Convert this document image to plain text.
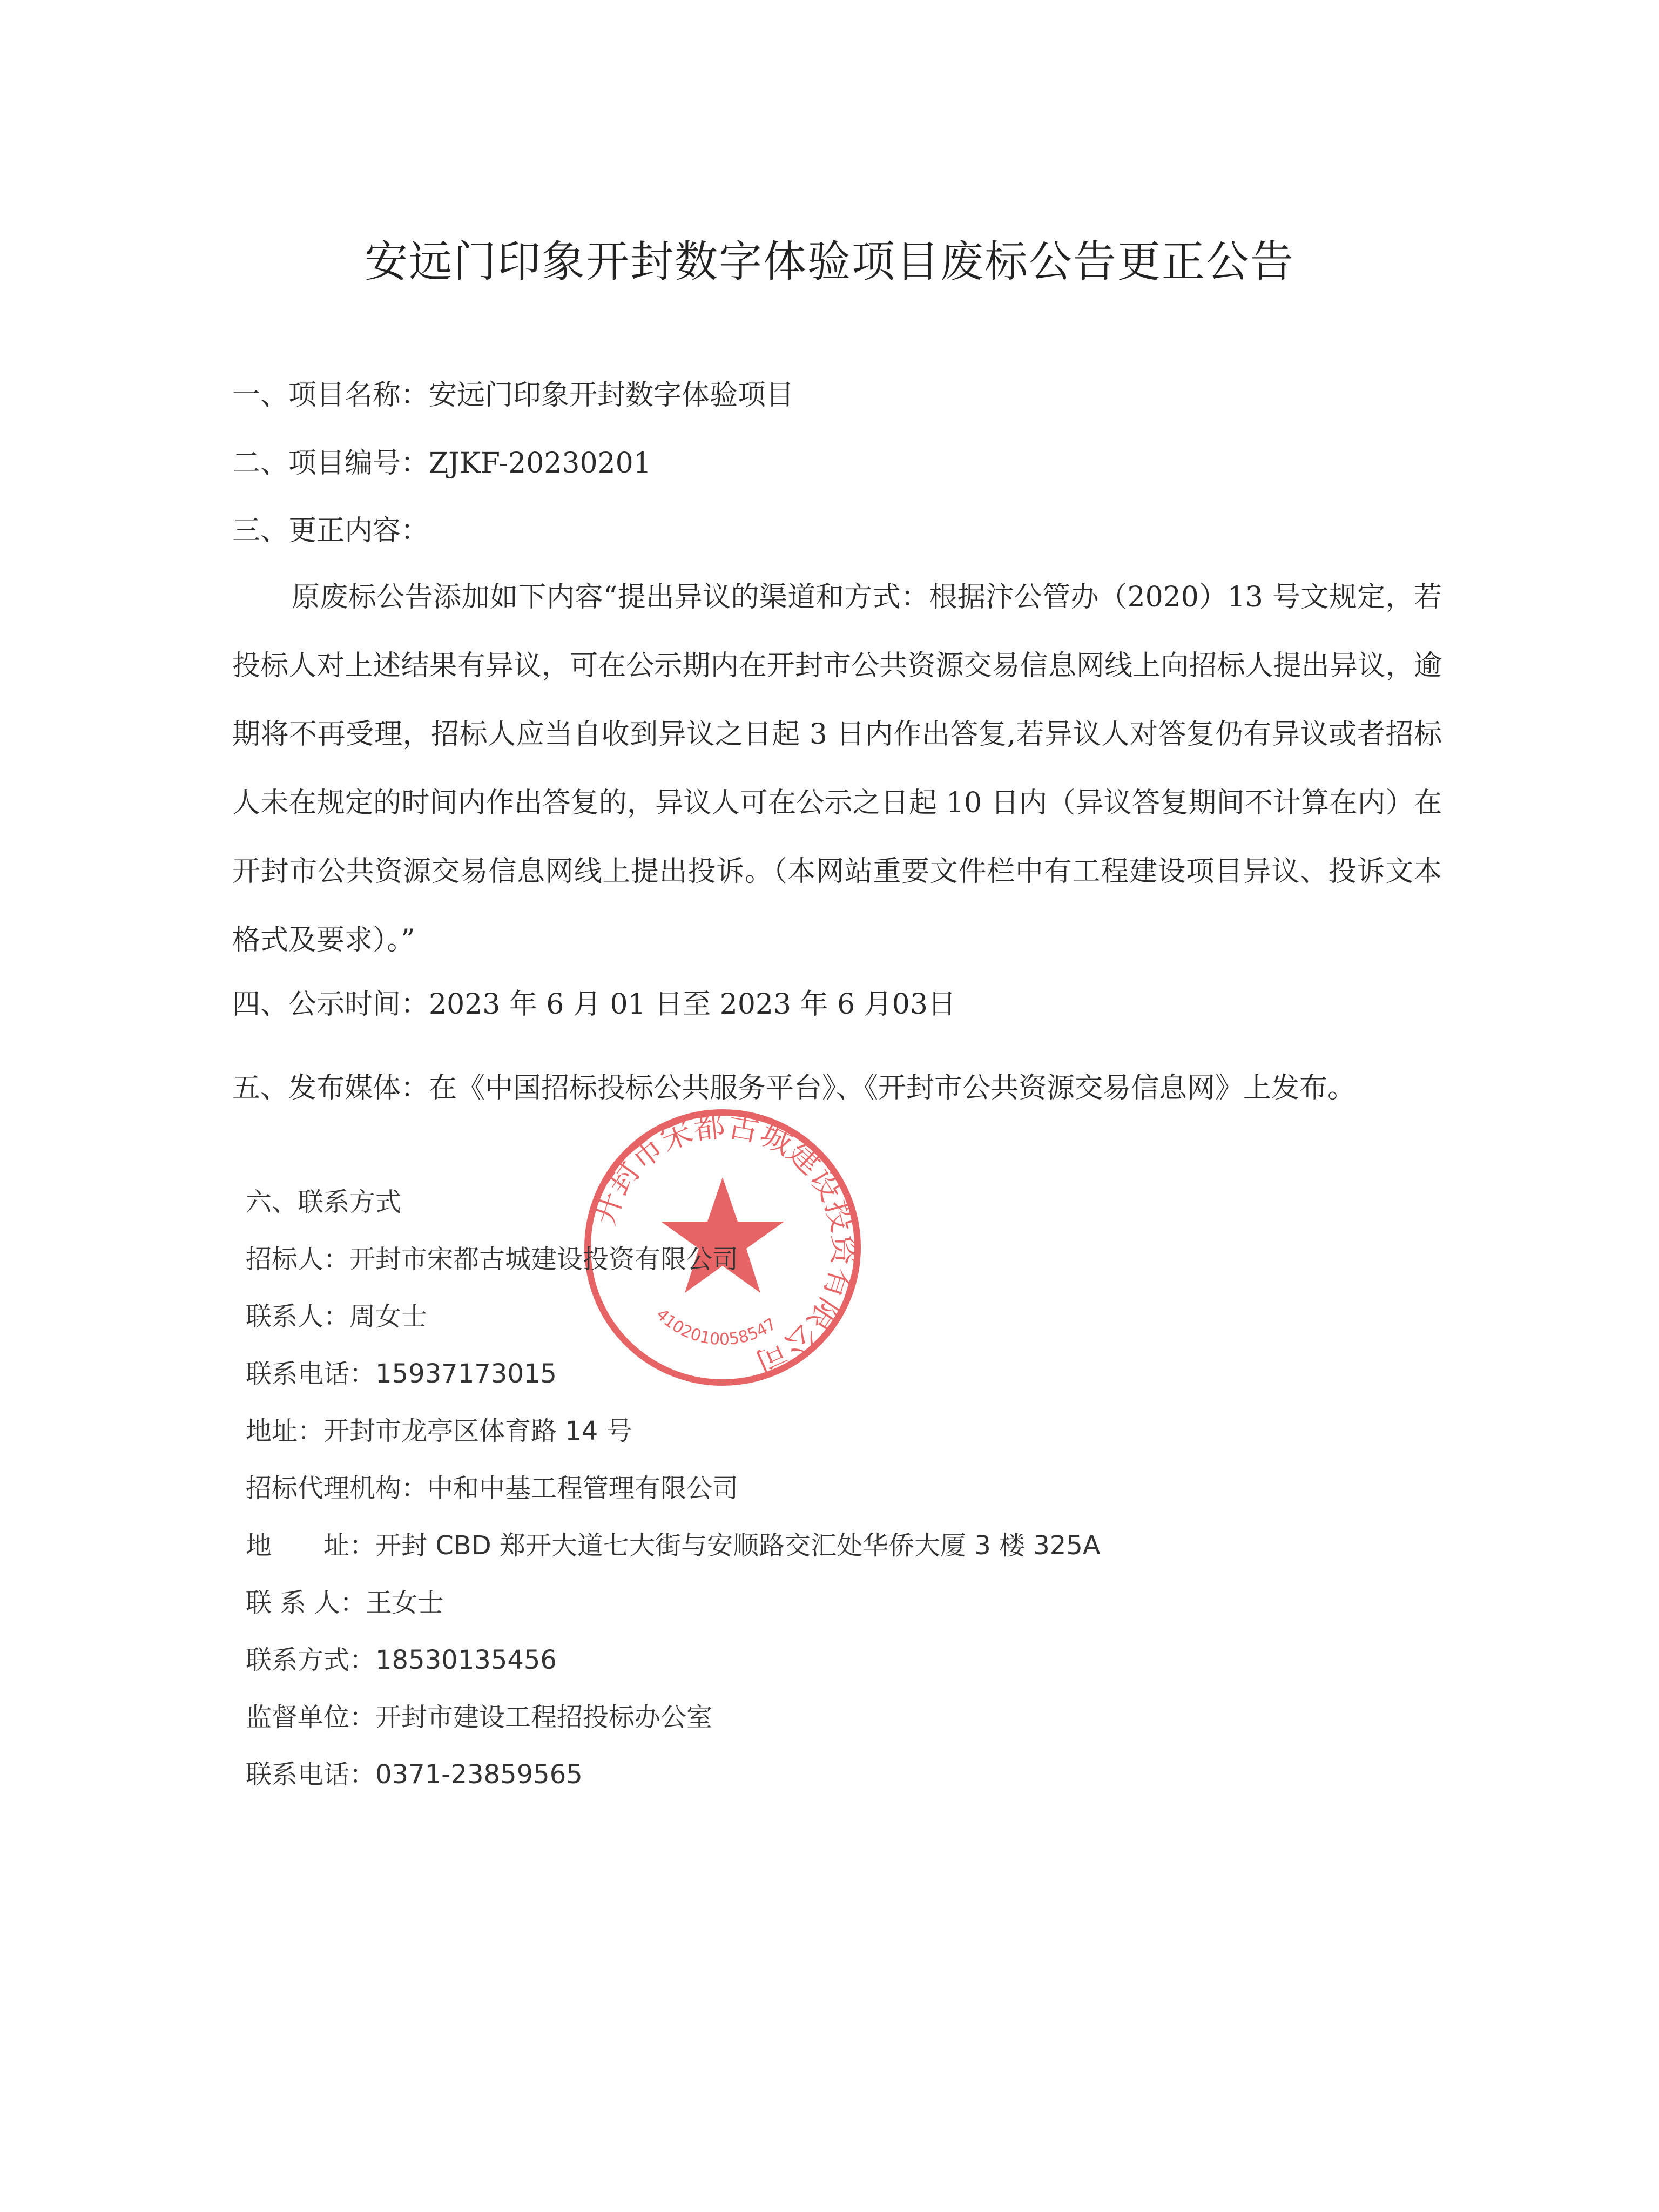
安远门印象开封数字体验项目废标公告更正公告
一、项目名称：安远门印象开封数字体验项目
二、项目编号：ZJKF-20230201
三、更正内容：
原废标公告添加如下内容“提出异议的渠道和方式：根据汴公管办（2020）13 号文规定，若投标人对上述结果有异议，可在公示期内在开封市公共资源交易信息网线上向招标人提出异议，逾期将不再受理，招标人应当自收到异议之日起 3 日内作出答复,若异议人对答复仍有异议或者招标人未在规定的时间内作出答复的，异议人可在公示之日起 10 日内（异议答复期间不计算在内）在开封市公共资源交易信息网线上提出投诉。（本网站重要文件栏中有工程建设项目异议、投诉文本格式及要求）。”
四、公示时间：2023 年 6 月 01 日至 2023 年 6 月03日
五、发布媒体：在《中国招标投标公共服务平台》、《开封市公共资源交易信息网》上发布。
开封市宋都古城建设投资有限公司
4102010058547
六、联系方式
招标人：开封市宋都古城建设投资有限公司
联系人：周女士
联系电话：15937173015
地址：开封市龙亭区体育路 14 号
招标代理机构：中和中基工程管理有限公司
地　　址：开封 CBD 郑开大道七大街与安顺路交汇处华侨大厦 3 楼 325A
联 系 人：王女士
联系方式：18530135456
监督单位：开封市建设工程招投标办公室
联系电话：0371-23859565
